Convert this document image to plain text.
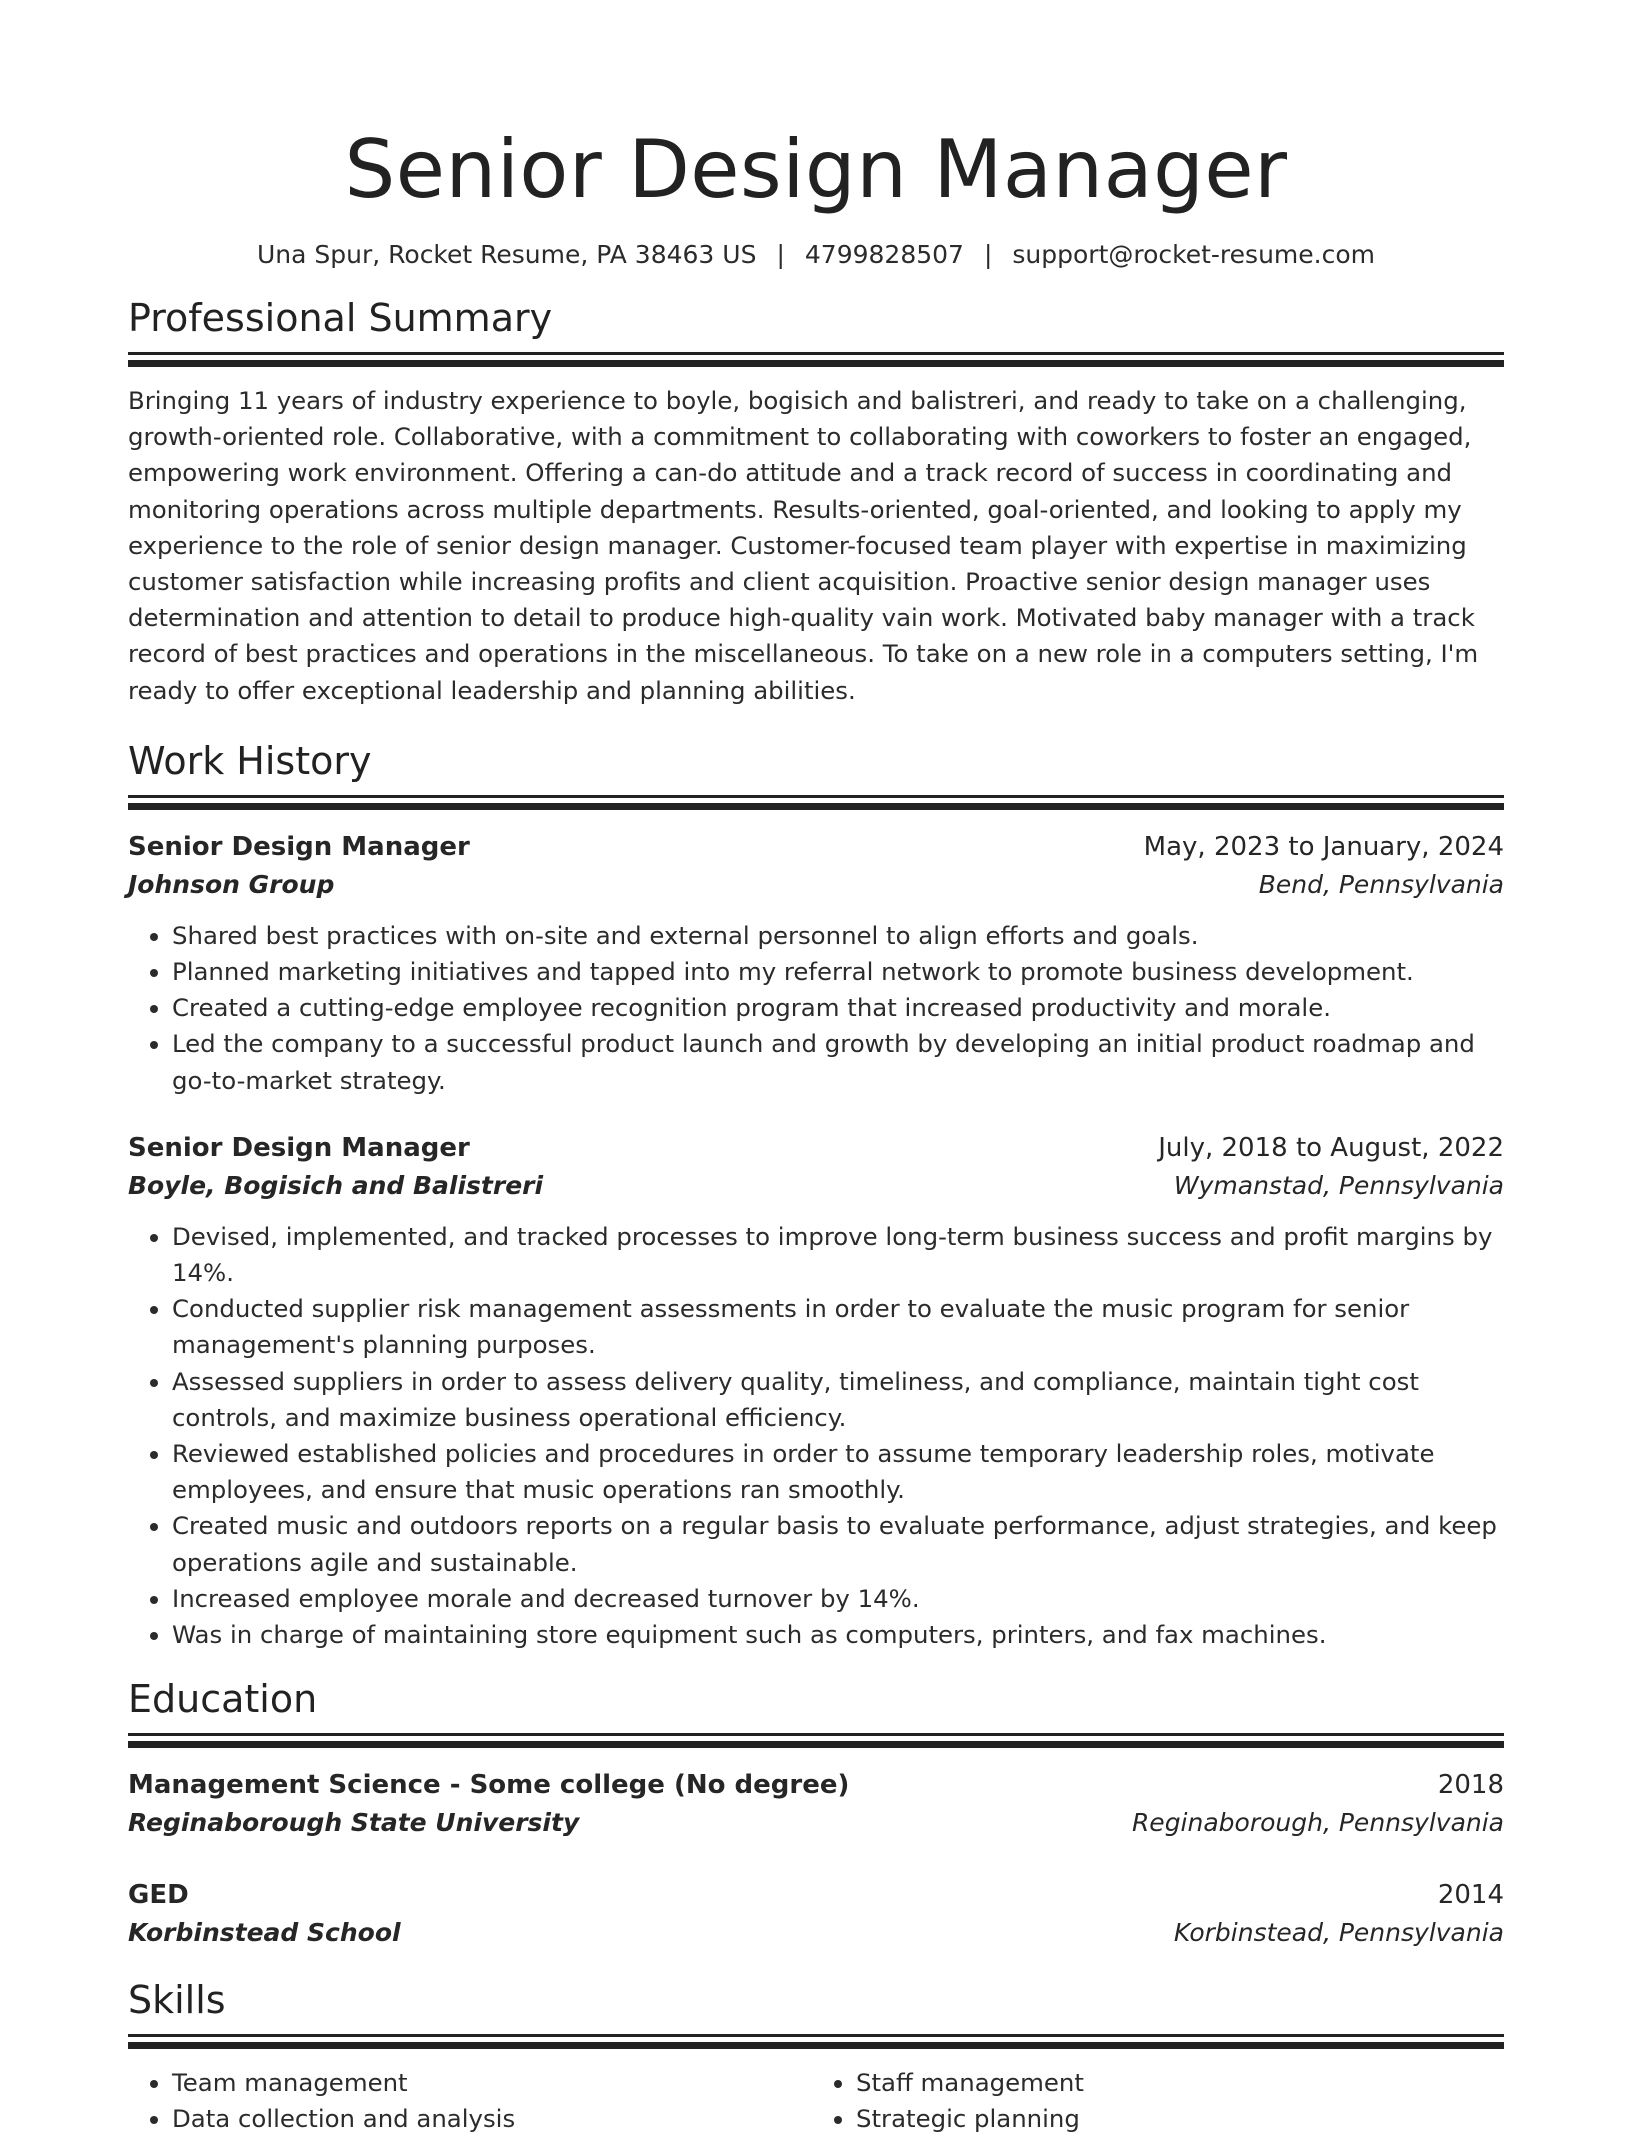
Senior Design Manager
Una Spur, Rocket Resume, PA 38463 US | 4799828507 | support@rocket-resume.com
Professional Summary
Bringing 11 years of industry experience to boyle, bogisich and balistreri, and ready to take on a challenging, growth-oriented role. Collaborative, with a commitment to collaborating with coworkers to foster an engaged, empowering work environment. Offering a can-do attitude and a track record of success in coordinating and monitoring operations across multiple departments. Results-oriented, goal-oriented, and looking to apply my experience to the role of senior design manager. Customer-focused team player with expertise in maximizing customer satisfaction while increasing profits and client acquisition. Proactive senior design manager uses determination and attention to detail to produce high-quality vain work. Motivated baby manager with a track record of best practices and operations in the miscellaneous. To take on a new role in a computers setting, I'm ready to offer exceptional leadership and planning abilities.
Work History
Senior Design Manager	May, 2023 to January, 2024
Johnson Group	Bend, Pennsylvania
• Shared best practices with on-site and external personnel to align efforts and goals.
• Planned marketing initiatives and tapped into my referral network to promote business development.
• Created a cutting-edge employee recognition program that increased productivity and morale.
• Led the company to a successful product launch and growth by developing an initial product roadmap and go-to-market strategy.
Senior Design Manager	July, 2018 to August, 2022
Boyle, Bogisich and Balistreri	Wymanstad, Pennsylvania
• Devised, implemented, and tracked processes to improve long-term business success and profit margins by 14%.
• Conducted supplier risk management assessments in order to evaluate the music program for senior management's planning purposes.
• Assessed suppliers in order to assess delivery quality, timeliness, and compliance, maintain tight cost controls, and maximize business operational efficiency.
• Reviewed established policies and procedures in order to assume temporary leadership roles, motivate employees, and ensure that music operations ran smoothly.
• Created music and outdoors reports on a regular basis to evaluate performance, adjust strategies, and keep operations agile and sustainable.
• Increased employee morale and decreased turnover by 14%.
• Was in charge of maintaining store equipment such as computers, printers, and fax machines.
Education
Management Science - Some college (No degree)	2018
Reginaborough State University	Reginaborough, Pennsylvania
GED	2014
Korbinstead School	Korbinstead, Pennsylvania
Skills
• Team management
• Data collection and analysis
• Staff management
• Strategic planning
